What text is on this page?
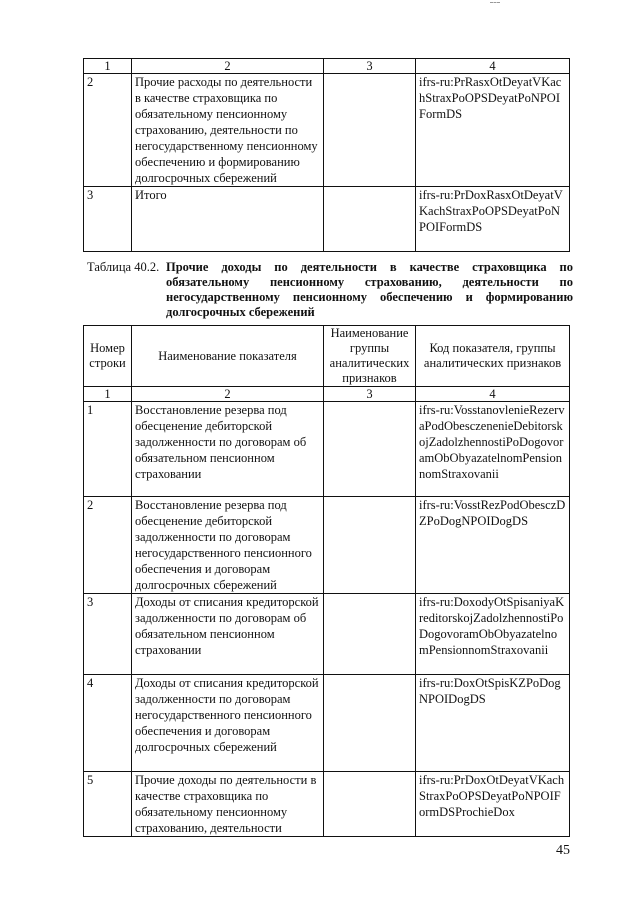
1	2	3	4
2	Прочие расходы по деятельности в качестве страховщика по обязательному пенсионному страхованию, деятельности по негосударственному пенсионному обеспечению и формированию долгосрочных сбережений		ifrs-ru:PrRasxOtDeyatVKachStraxPoOPSDeyatPoNPOIFormDS
3	Итого		ifrs-ru:PrDoxRasxOtDeyatVKachStraxPoOPSDeyatPoNPOIFormDS
Таблица 40.2. Прочие доходы по деятельности в качестве страховщика по обязательному пенсионному страхованию, деятельности по негосударственному пенсионному обеспечению и формированию долгосрочных сбережений
Номер строки	Наименование показателя	Наименование группы аналитических признаков	Код показателя, группы аналитических признаков
1	2	3	4
1	Восстановление резерва под обесценение дебиторской задолженности по договорам об обязательном пенсионном страховании		ifrs-ru:VosstanovlenieRezervaPodObesczenenieDebitorskojZadolzhennostiPoDogovoramObObyazatelnomPensionnomStraxovanii
2	Восстановление резерва под обесценение дебиторской задолженности по договорам негосударственного пенсионного обеспечения и договорам долгосрочных сбережений		ifrs-ru:VosstRezPodObesczDZPoDogNPOIDogDS
3	Доходы от списания кредиторской задолженности по договорам об обязательном пенсионном страховании		ifrs-ru:DoxodyOtSpisaniyaKreditorskojZadolzhennostiPoDogovoramObObyazatelnomPensionnomStraxovanii
4	Доходы от списания кредиторской задолженности по договорам негосударственного пенсионного обеспечения и договорам долгосрочных сбережений		ifrs-ru:DoxOtSpisKZPoDogNPOIDogDS
5	Прочие доходы по деятельности в качестве страховщика по обязательному пенсионному страхованию, деятельности		ifrs-ru:PrDoxOtDeyatVKachStraxPoOPSDeyatPoNPOIFormDSProchieDox
45
